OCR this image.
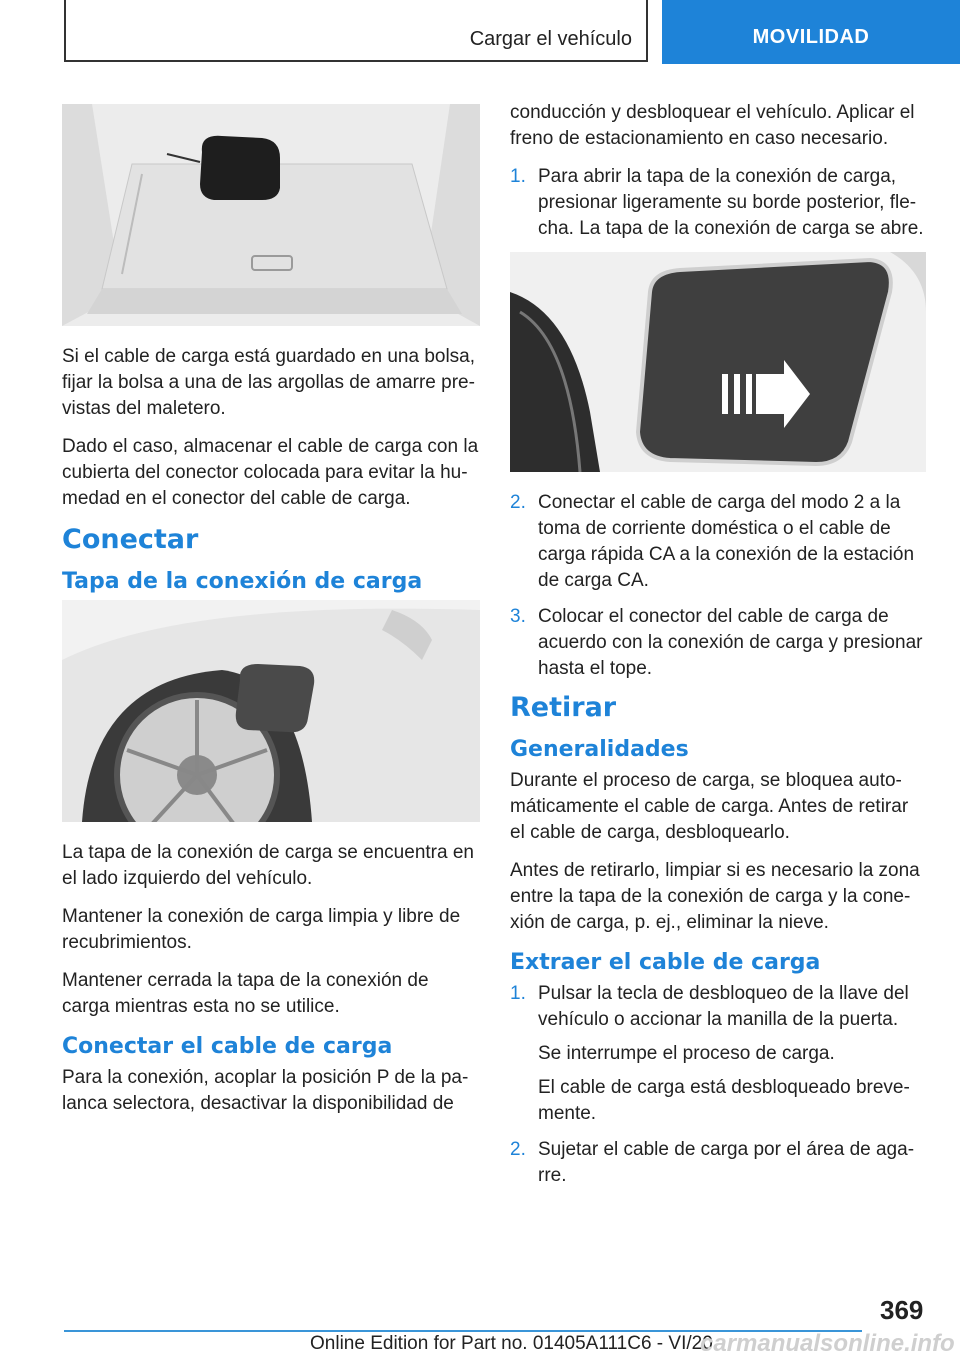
Cargar el vehículo	MOVILIDAD

Si el cable de carga está guardado en una bolsa, fijar la bolsa a una de las argollas de amarre pre-vistas del maletero.

Dado el caso, almacenar el cable de carga con la cubierta del conector colocada para evitar la hu-medad en el conector del cable de carga.

Conectar
Tapa de la conexión de carga

La tapa de la conexión de carga se encuentra en el lado izquierdo del vehículo.

Mantener la conexión de carga limpia y libre de recubrimientos.

Mantener cerrada la tapa de la conexión de carga mientras esta no se utilice.

Conectar el cable de carga

Para la conexión, acoplar la posición P de la pa-lanca selectora, desactivar la disponibilidad de

conducción y desbloquear el vehículo. Aplicar el freno de estacionamiento en caso necesario.

1. Para abrir la tapa de la conexión de carga, presionar ligeramente su borde posterior, fle-cha. La tapa de la conexión de carga se abre.
2. Conectar el cable de carga del modo 2 a la toma de corriente doméstica o el cable de carga rápida CA a la conexión de la estación de carga CA.
3. Colocar el conector del cable de carga de acuerdo con la conexión de carga y presionar hasta el tope.
Retirar
Generalidades

Durante el proceso de carga, se bloquea auto-máticamente el cable de carga. Antes de retirar el cable de carga, desbloquearlo.

Antes de retirarlo, limpiar si es necesario la zona entre la tapa de la conexión de carga y la cone-xión de carga, p. ej., eliminar la nieve.

Extraer el cable de carga
1. Pulsar la tecla de desbloqueo de la llave del vehículo o accionar la manilla de la puerta.

Se interrumpe el proceso de carga.

El cable de carga está desbloqueado breve-mente.

2. Sujetar el cable de carga por el área de aga-rre.
369
Online Edition for Part no. 01405A111C6 - VI/20
carmanualsonline.info
